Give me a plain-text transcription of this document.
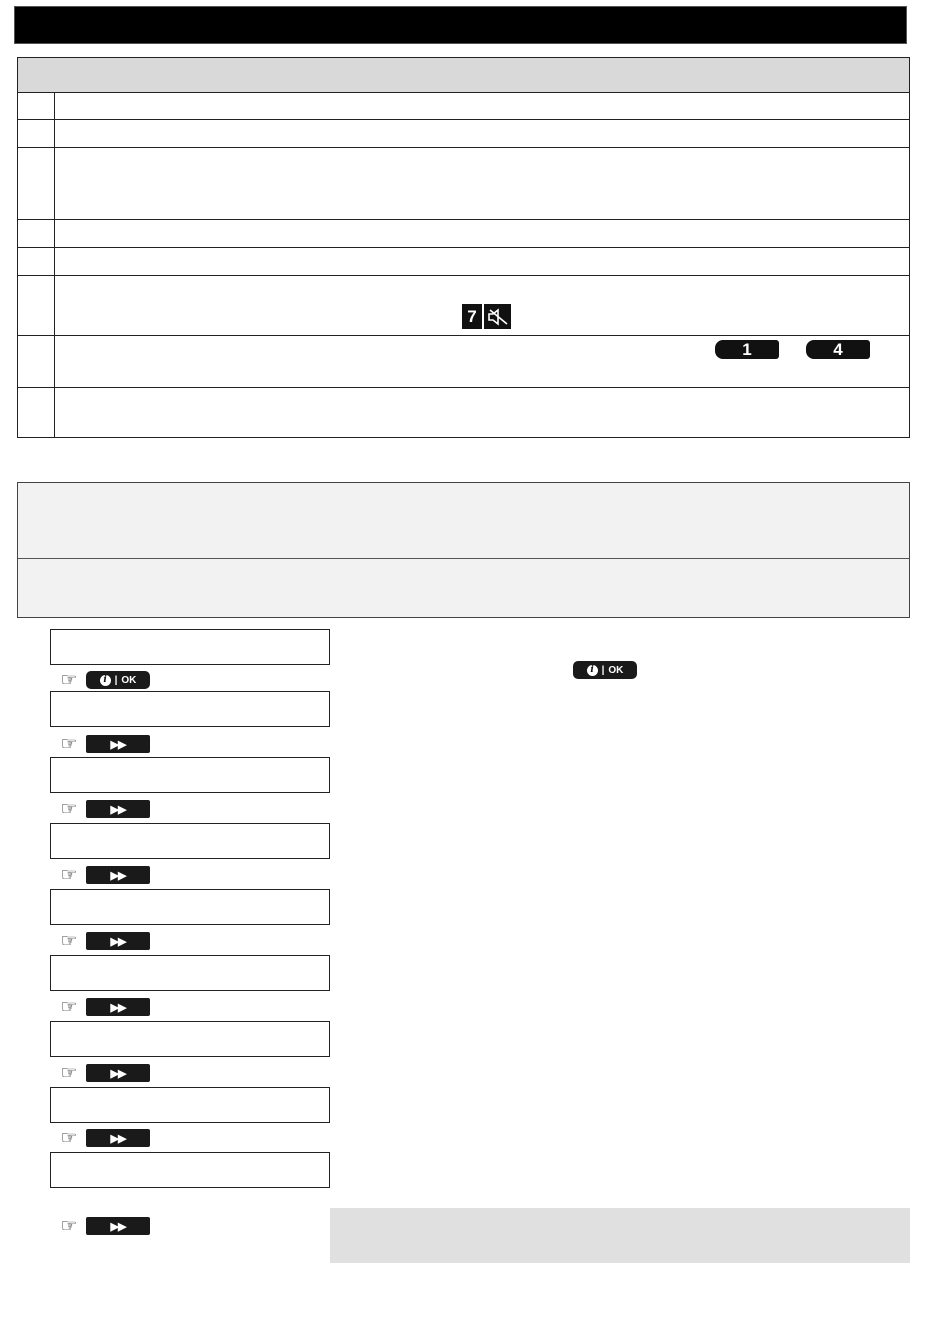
7
1	4
☞	i | OK
☞	▶▶
☞	▶▶
☞	▶▶
☞	▶▶
☞	▶▶
☞	▶▶
☞	▶▶
☞	▶▶
i | OK
